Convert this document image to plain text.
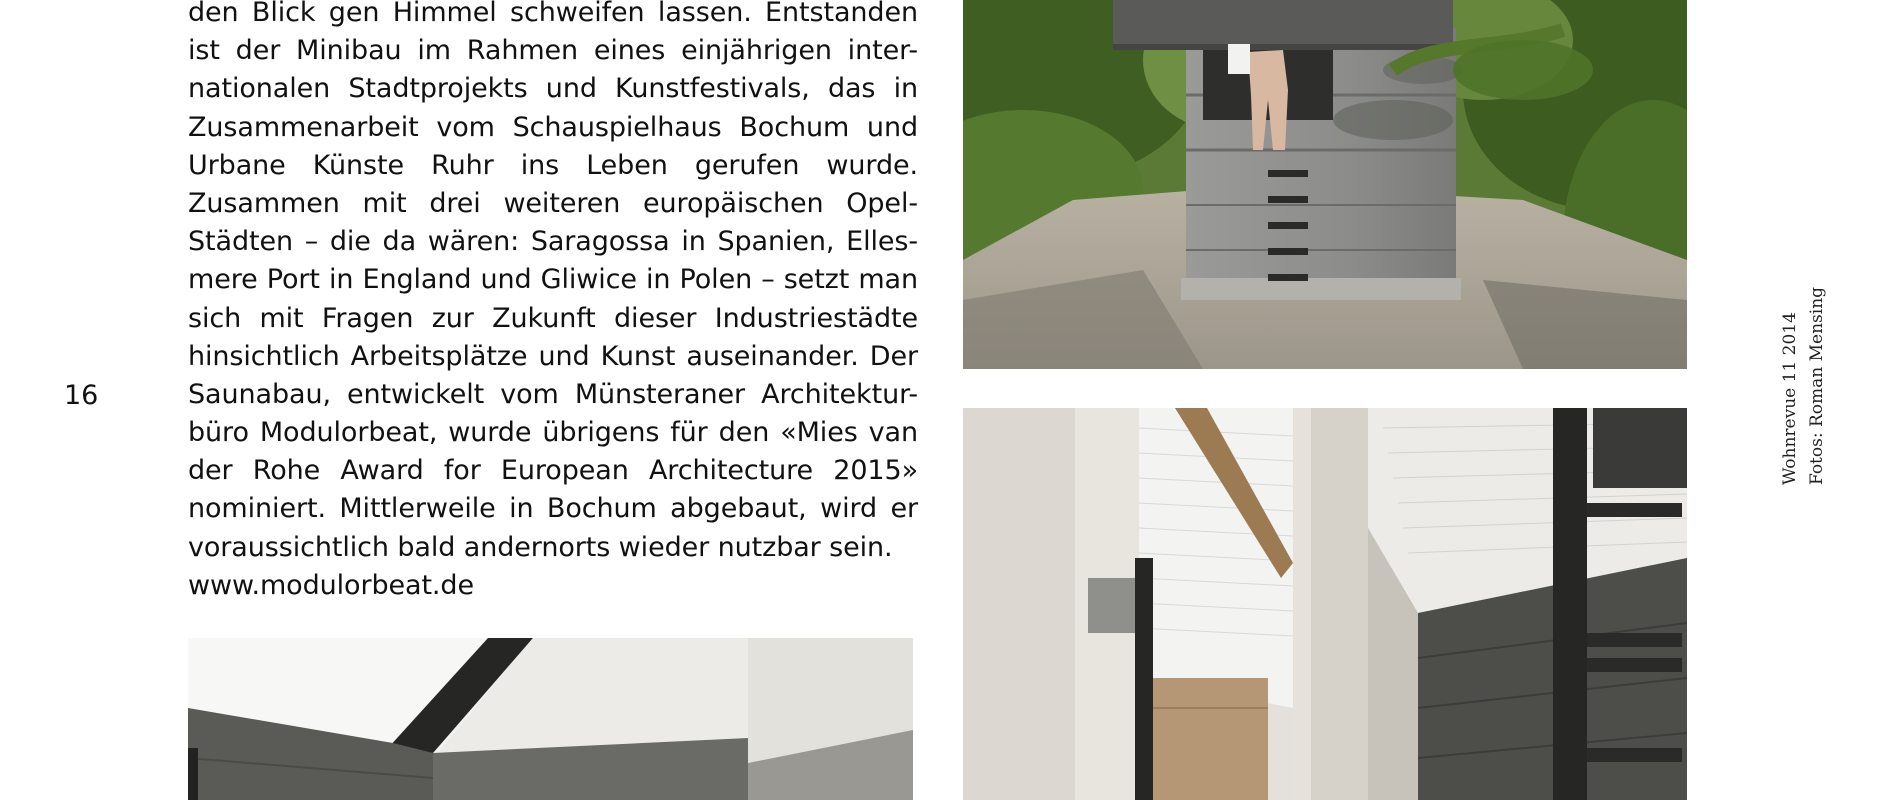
16
den Blick gen Himmel schweifen lassen. Entstanden
ist der Minibau im Rahmen eines einjährigen inter-
nationalen Stadtprojekts und Kunstfestivals, das in
Zusammenarbeit vom Schauspielhaus Bochum und
Urbane Künste Ruhr ins Leben gerufen wurde.
Zusammen mit drei weiteren europäischen Opel-
Städten – die da wären: Saragossa in Spanien, Elles-
mere Port in England und Gliwice in Polen – setzt man
sich mit Fragen zur Zukunft dieser Industriestädte
hinsichtlich Arbeitsplätze und Kunst auseinander. Der
Saunabau, entwickelt vom Münsteraner Architektur-
büro Modulorbeat, wurde übrigens für den «Mies van
der Rohe Award for European Architecture 2015»
nominiert. Mittlerweile in Bochum abgebaut, wird er
voraussichtlich bald andernorts wieder nutzbar sein.
www.modulorbeat.de
Wohnrevue 11 2014 Fotos: Roman Mensing
